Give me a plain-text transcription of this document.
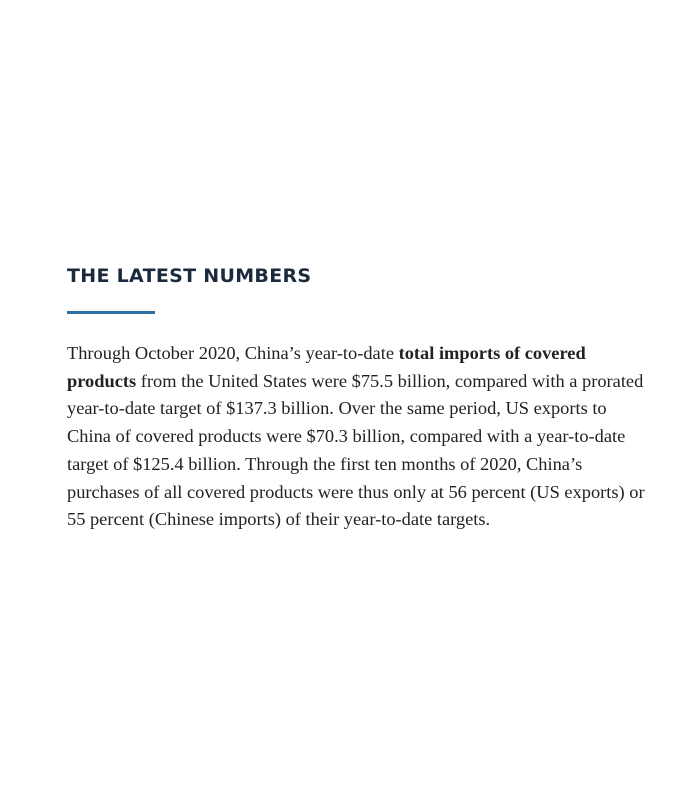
THE LATEST NUMBERS

Through October 2020, China’s year-to-date total imports of covered products from the United States were $75.5 billion, compared with a prorated year-to-date target of $137.3 billion. Over the same period, US exports to China of covered products were $70.3 billion, compared with a year-to-date target of $125.4 billion. Through the first ten months of 2020, China’s purchases of all covered products were thus only at 56 percent (US exports) or 55 percent (Chinese imports) of their year-to-date targets.
